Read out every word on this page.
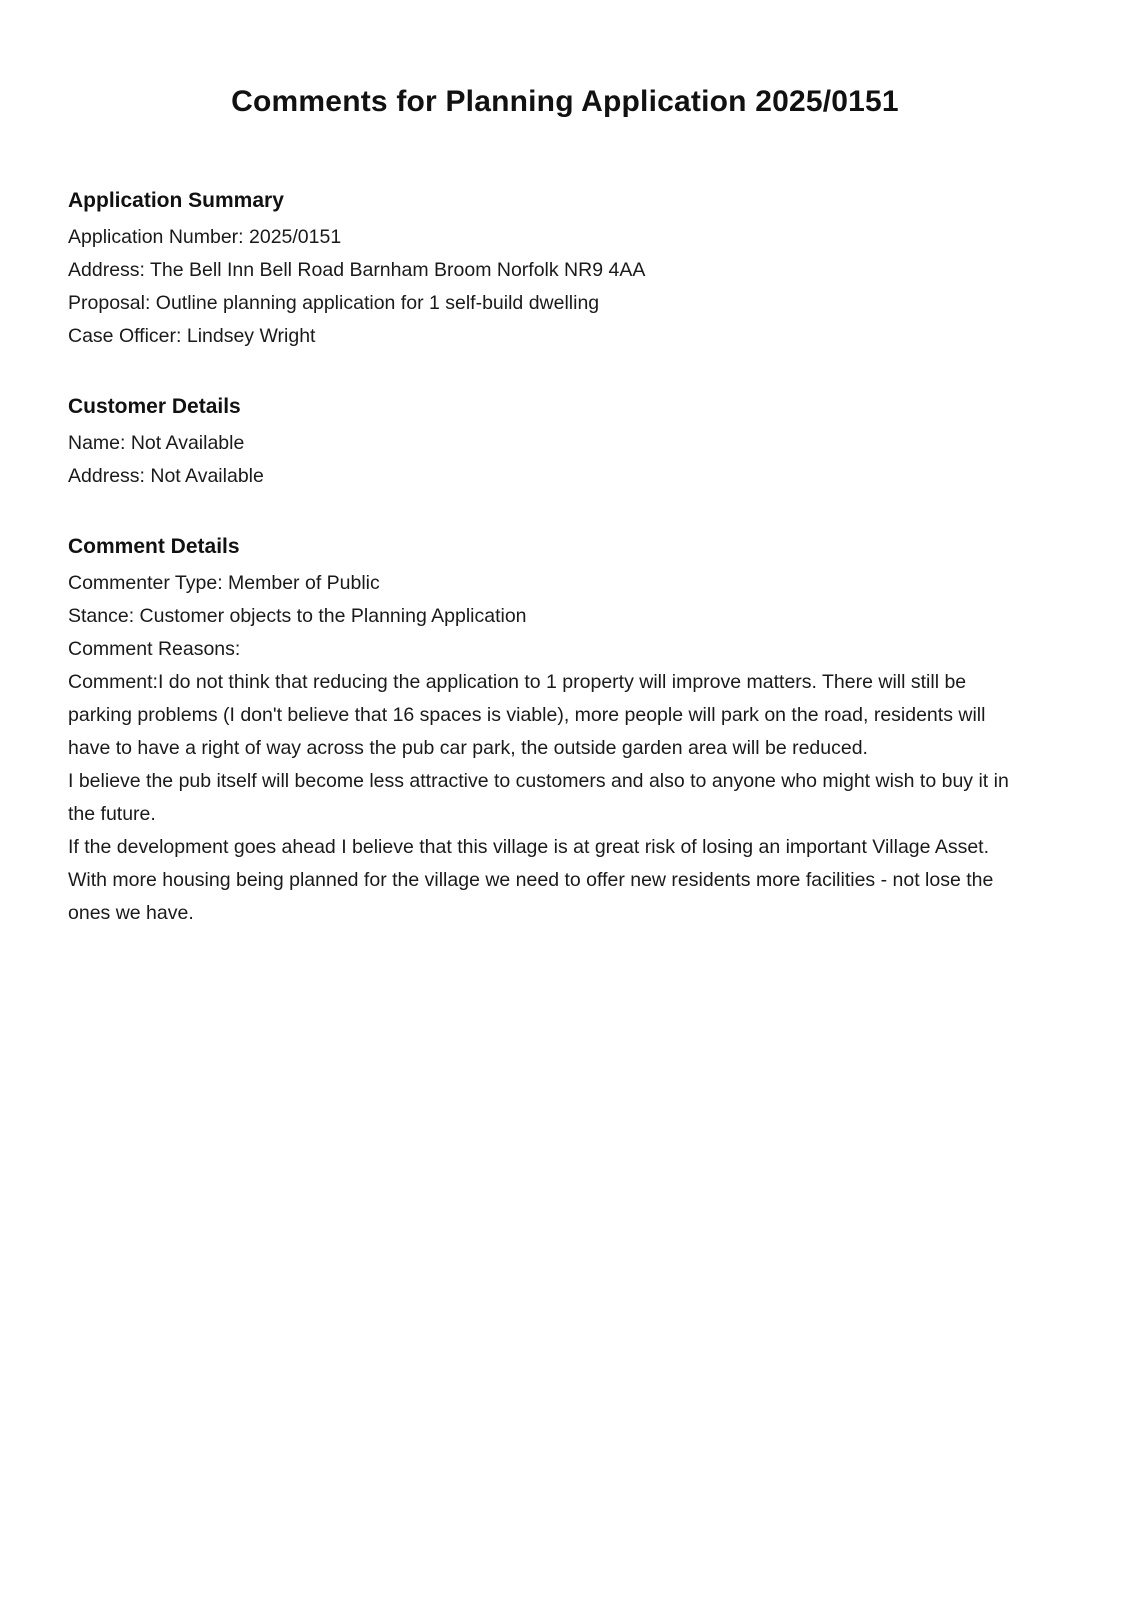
Comments for Planning Application 2025/0151
Application Summary

Application Number: 2025/0151

Address: The Bell Inn Bell Road Barnham Broom Norfolk NR9 4AA

Proposal: Outline planning application for 1 self-build dwelling

Case Officer: Lindsey Wright

Customer Details

Name: Not Available

Address: Not Available

Comment Details

Commenter Type: Member of Public

Stance: Customer objects to the Planning Application

Comment Reasons:

Comment:I do not think that reducing the application to 1 property will improve matters. There will still be parking problems (I don't believe that 16 spaces is viable), more people will park on the road, residents will have to have a right of way across the pub car park, the outside garden area will be reduced.

I believe the pub itself will become less attractive to customers and also to anyone who might wish to buy it in the future.

If the development goes ahead I believe that this village is at great risk of losing an important Village Asset.

With more housing being planned for the village we need to offer new residents more facilities - not lose the ones we have.
